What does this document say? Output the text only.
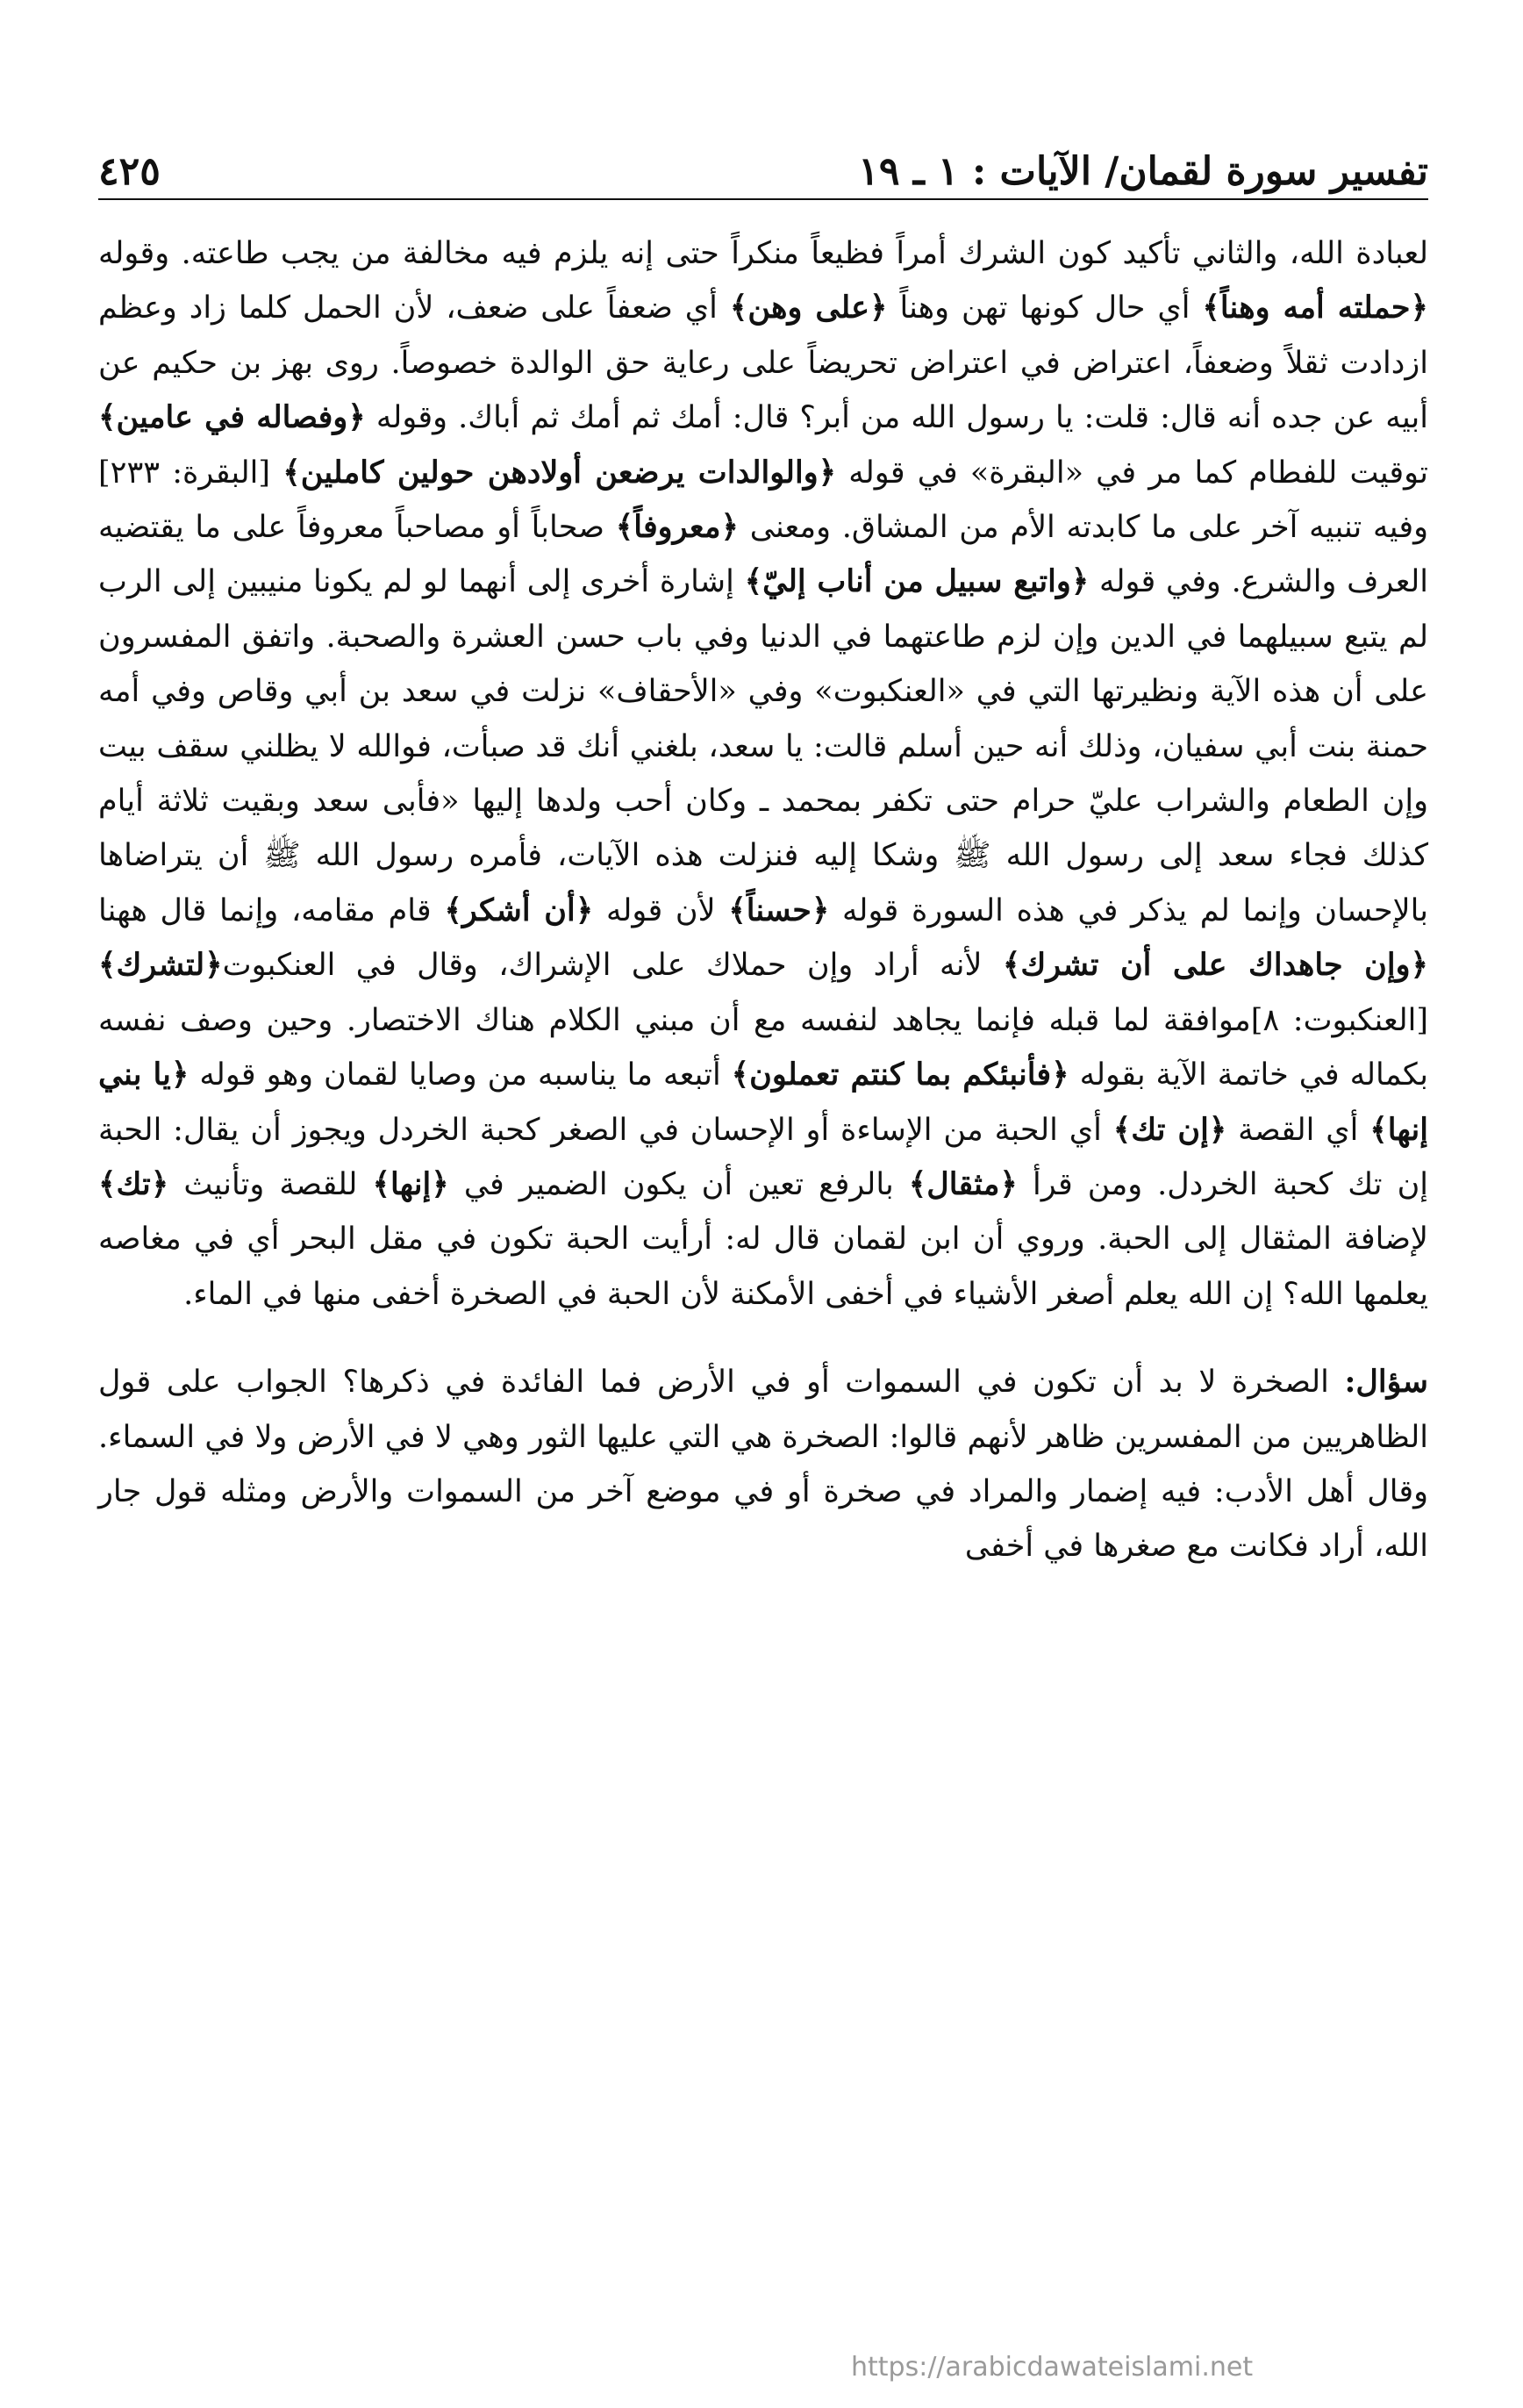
تفسير سورة لقمان/ الآيات : ١ ـ ١٩
٤٢٥

لعبادة الله، والثاني تأكيد كون الشرك أمراً فظيعاً منكراً حتى إنه يلزم فيه مخالفة من يجب طاعته. وقوله ﴿حملته أمه وهناً﴾ أي حال كونها تهن وهناً ﴿على وهن﴾ أي ضعفاً على ضعف، لأن الحمل كلما زاد وعظم ازدادت ثقلاً وضعفاً، اعتراض في اعتراض تحريضاً على رعاية حق الوالدة خصوصاً. روى بهز بن حكيم عن أبيه عن جده أنه قال: قلت: يا رسول الله من أبر؟ قال: أمك ثم أمك ثم أباك. وقوله ﴿وفصاله في عامين﴾ توقيت للفطام كما مر في «البقرة» في قوله ﴿والوالدات يرضعن أولادهن حولين كاملين﴾ [البقرة: ٢٣٣] وفيه تنبيه آخر على ما كابدته الأم من المشاق. ومعنى ﴿معروفاً﴾ صحاباً أو مصاحباً معروفاً على ما يقتضيه العرف والشرع. وفي قوله ﴿واتبع سبيل من أناب إليّ﴾ إشارة أخرى إلى أنهما لو لم يكونا منيبين إلى الرب لم يتبع سبيلهما في الدين وإن لزم طاعتهما في الدنيا وفي باب حسن العشرة والصحبة. واتفق المفسرون على أن هذه الآية ونظيرتها التي في «العنكبوت» وفي «الأحقاف» نزلت في سعد بن أبي وقاص وفي أمه حمنة بنت أبي سفيان، وذلك أنه حين أسلم قالت: يا سعد، بلغني أنك قد صبأت، فوالله لا يظلني سقف بيت وإن الطعام والشراب عليّ حرام حتى تكفر بمحمد ـ وكان أحب ولدها إليها «فأبى سعد وبقيت ثلاثة أيام كذلك فجاء سعد إلى رسول الله ﷺ وشكا إليه فنزلت هذه الآيات، فأمره رسول الله ﷺ أن يتراضاها بالإحسان وإنما لم يذكر في هذه السورة قوله ﴿حسناً﴾ لأن قوله ﴿أن أشكر﴾ قام مقامه، وإنما قال ههنا ﴿وإن جاهداك على أن تشرك﴾ لأنه أراد وإن حملاك على الإشراك، وقال في العنكبوت﴿لتشرك﴾ [العنكبوت: ٨]موافقة لما قبله فإنما يجاهد لنفسه مع أن مبني الكلام هناك الاختصار. وحين وصف نفسه بكماله في خاتمة الآية بقوله ﴿فأنبئكم بما كنتم تعملون﴾ أتبعه ما يناسبه من وصايا لقمان وهو قوله ﴿يا بني إنها﴾ أي القصة ﴿إن تك﴾ أي الحبة من الإساءة أو الإحسان في الصغر كحبة الخردل ويجوز أن يقال: الحبة إن تك كحبة الخردل. ومن قرأ ﴿مثقال﴾ بالرفع تعين أن يكون الضمير في ﴿إنها﴾ للقصة وتأنيث ﴿تك﴾ لإضافة المثقال إلى الحبة. وروي أن ابن لقمان قال له: أرأيت الحبة تكون في مقل البحر أي في مغاصه يعلمها الله؟ إن الله يعلم أصغر الأشياء في أخفى الأمكنة لأن الحبة في الصخرة أخفى منها في الماء.

سؤال: الصخرة لا بد أن تكون في السموات أو في الأرض فما الفائدة في ذكرها؟ الجواب على قول الظاهريين من المفسرين ظاهر لأنهم قالوا: الصخرة هي التي عليها الثور وهي لا في الأرض ولا في السماء. وقال أهل الأدب: فيه إضمار والمراد في صخرة أو في موضع آخر من السموات والأرض ومثله قول جار الله، أراد فكانت مع صغرها في أخفى

https://arabicdawateislami.net
